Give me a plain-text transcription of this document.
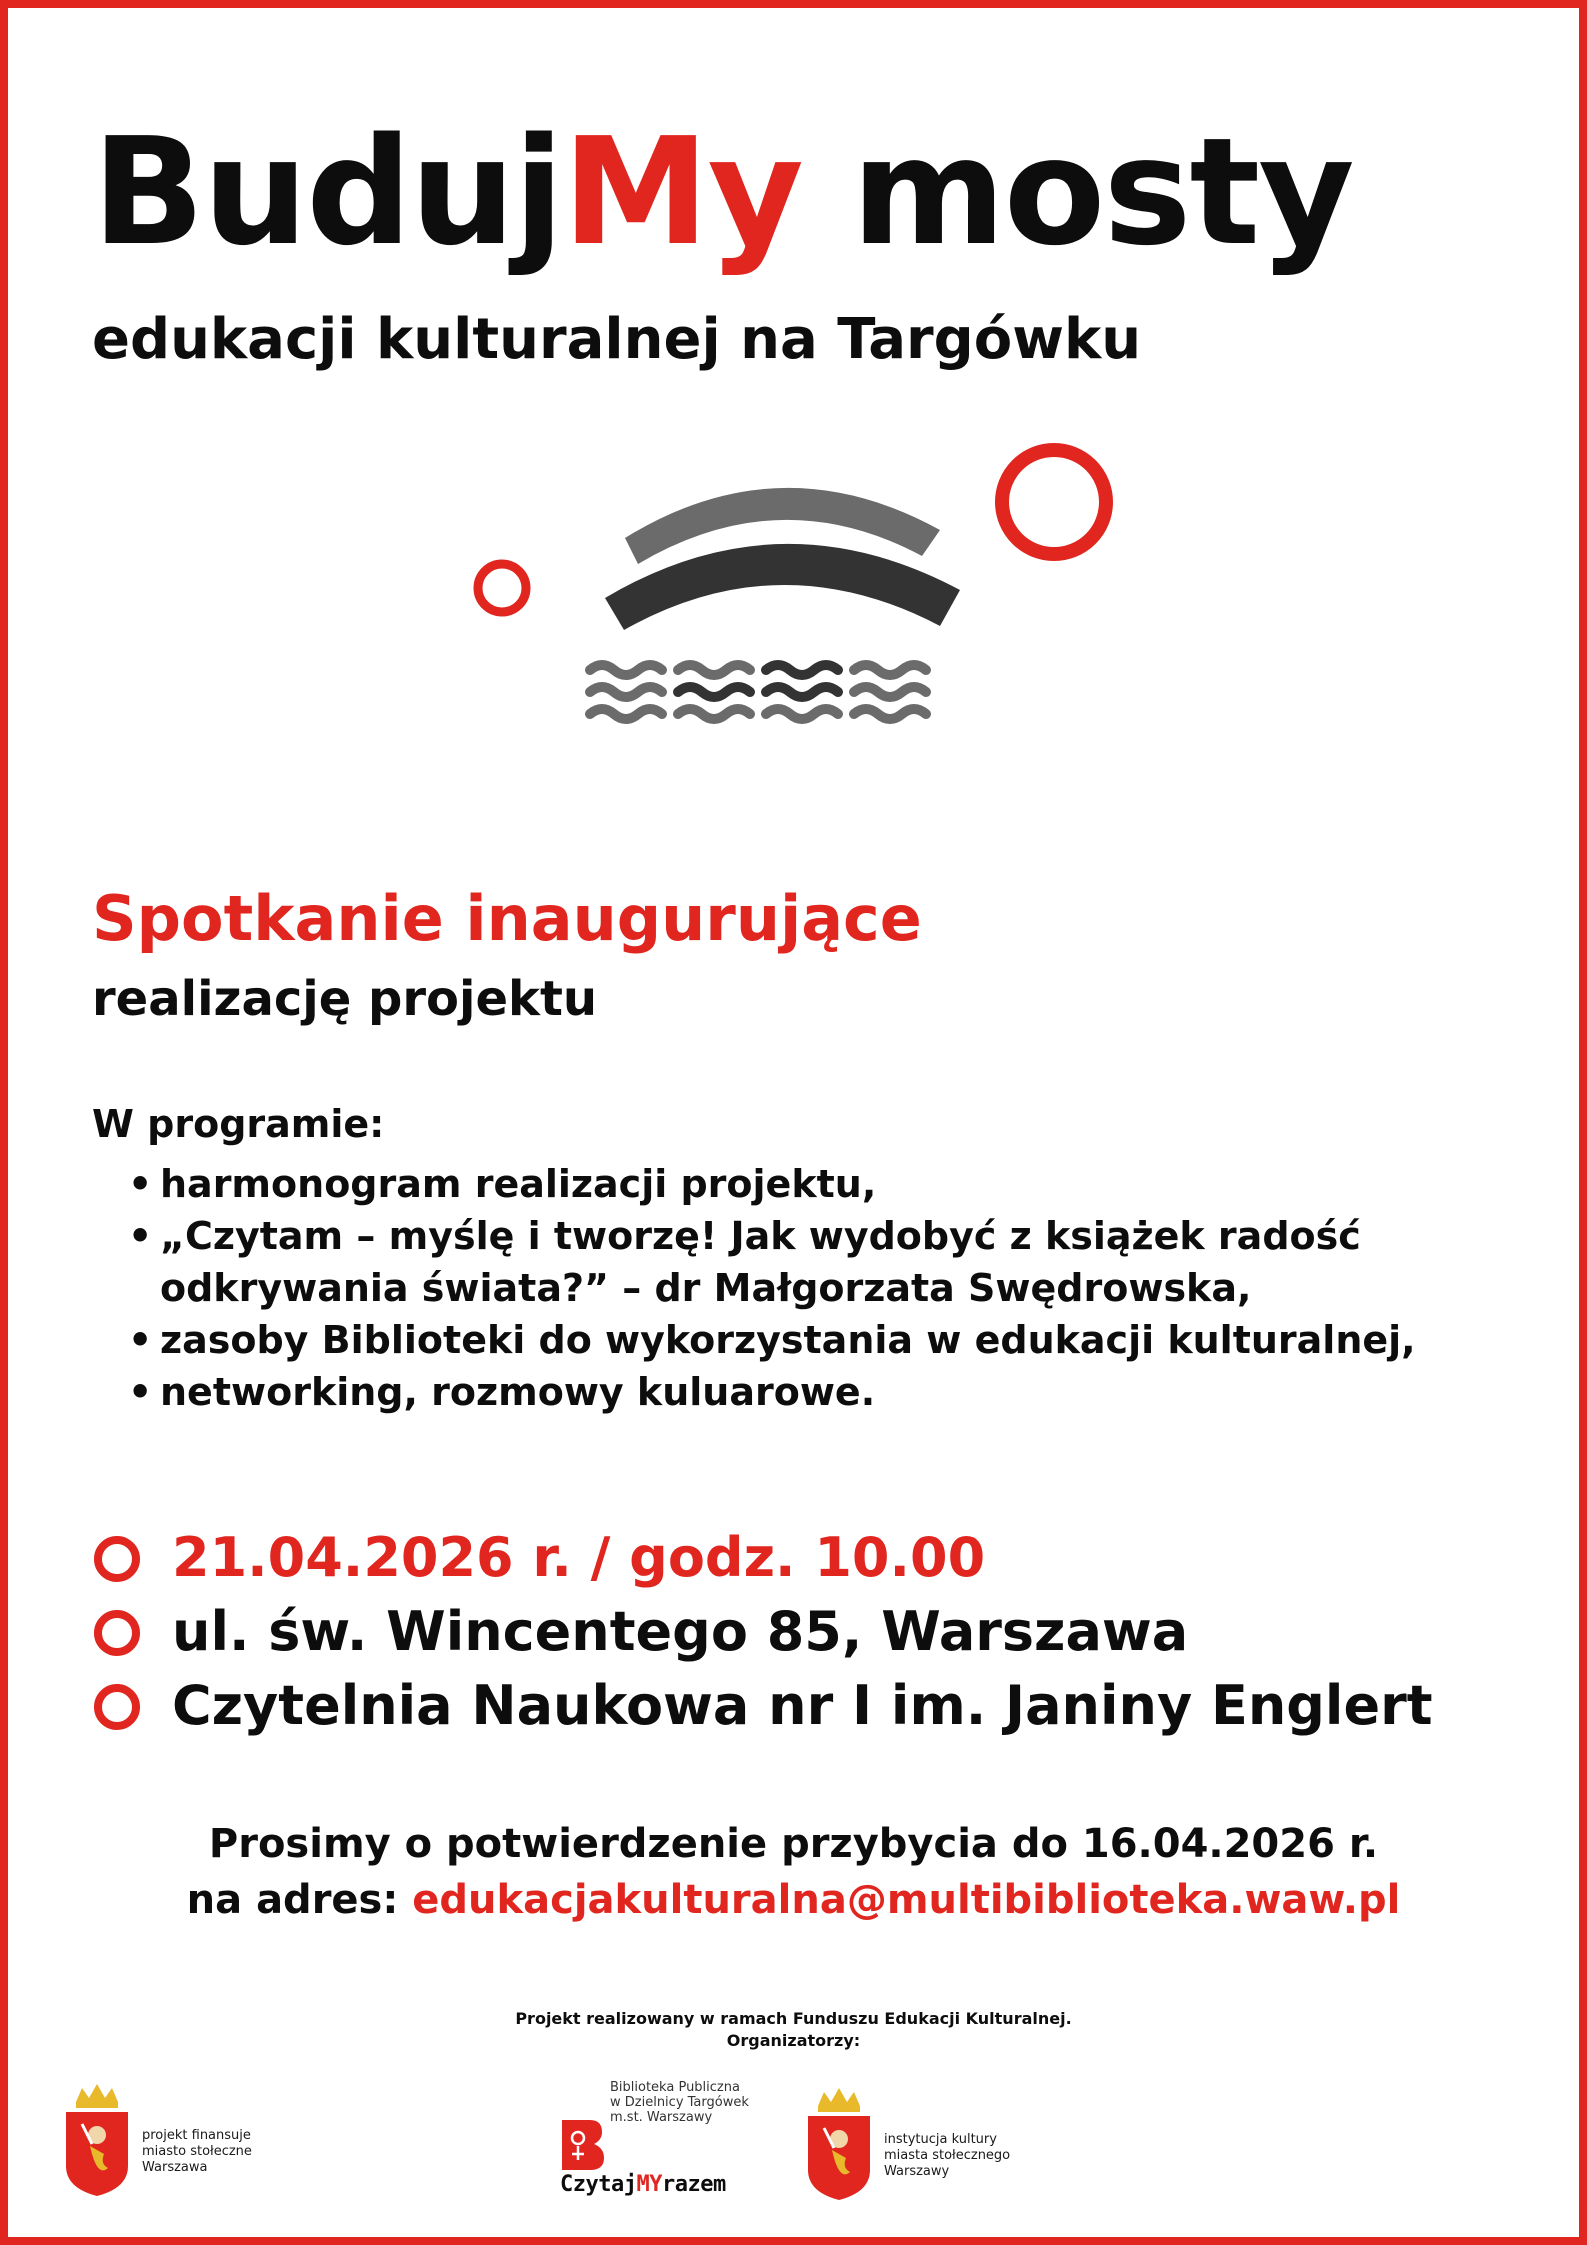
BudujMy mosty
edukacji kulturalnej na Targówku
Spotkanie inaugurujące
realizację projektu
W programie:
• harmonogram realizacji projektu,
• „Czytam – myślę i tworzę! Jak wydobyć z książek radość
odkrywania świata?” – dr Małgorzata Swędrowska,
• zasoby Biblioteki do wykorzystania w edukacji kulturalnej,
• networking, rozmowy kuluarowe.
21.04.2026 r. / godz. 10.00
ul. św. Wincentego 85, Warszawa
Czytelnia Naukowa nr I im. Janiny Englert
Prosimy o potwierdzenie przybycia do 16.04.2026 r.
na adres: edukacjakulturalna@multibiblioteka.waw.pl
Projekt realizowany w ramach Funduszu Edukacji Kulturalnej.
Organizatorzy:
projekt finansuje
miasto stołeczne
Warszawa
Biblioteka Publiczna
w Dzielnicy Targówek
m.st. Warszawy
CzytajMYrazem
instytucja kultury
miasta stołecznego
Warszawy
